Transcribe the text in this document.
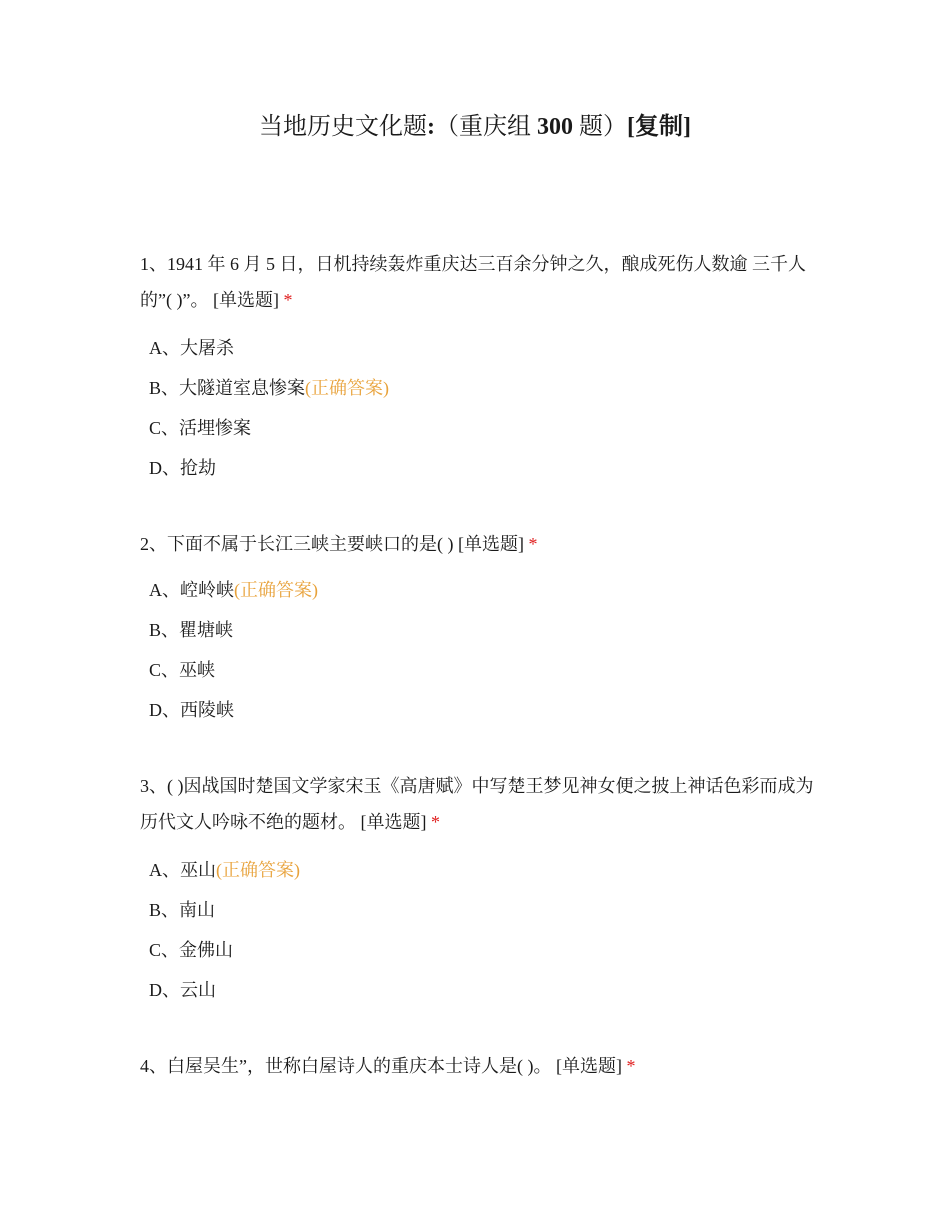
当地历史文化题:（重庆组 300 题）[复制]
1、1941 年 6 月 5 日，日机持续轰炸重庆达三百余分钟之久，酿成死伤人数逾 三千人的”( )”。 [单选题] *
A、大屠杀
B、大隧道室息惨案(正确答案)
C、活埋惨案
D、抢劫
2、下面不属于长江三峡主要峡口的是( ) [单选题] *
A、崆岭峡(正确答案)
B、瞿塘峡
C、巫峡
D、西陵峡
3、( )因战国时楚国文学家宋玉《高唐赋》中写楚王梦见神女便之披上神话色彩而成为历代文人吟咏不绝的题材。 [单选题] *
A、巫山(正确答案)
B、南山
C、金佛山
D、云山
4、白屋吴生”，世称白屋诗人的重庆本士诗人是( )。 [单选题] *
